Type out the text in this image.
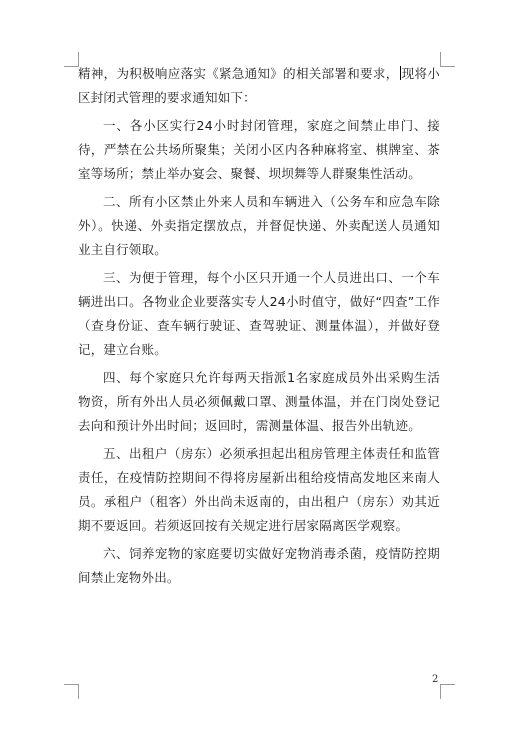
精神，为积极响应落实《紧急通知》的相关部署和要求， 现将小区封闭式管理的要求通知如下：

一、各小区实行24小时封闭管理，家庭之间禁止串门、接待，严禁在公共场所聚集；关闭小区内各种麻将室、棋牌室、茶室等场所；禁止举办宴会、聚餐、坝坝舞等人群聚集性活动。

二、所有小区禁止外来人员和车辆进入（公务车和应急车除外）。快递、外卖指定摆放点，并督促快递、外卖配送人员通知业主自行领取。

三、为便于管理，每个小区只开通一个人员进出口、一个车辆进出口。各物业企业要落实专人24小时值守，做好“四查”工作（查身份证、查车辆行驶证、查驾驶证、测量体温），并做好登记，建立台账。

四、每个家庭只允许每两天指派1名家庭成员外出采购生活物资，所有外出人员必须佩戴口罩、测量体温，并在门岗处登记去向和预计外出时间；返回时，需测量体温、报告外出轨迹。

五、出租户（房东）必须承担起出租房管理主体责任和监管责任，在疫情防控期间不得将房屋新出租给疫情高发地区来南人员。承租户（租客）外出尚未返南的，由出租户（房东）劝其近期不要返回。若须返回按有关规定进行居家隔离医学观察。

六、饲养宠物的家庭要切实做好宠物消毒杀菌，疫情防控期间禁止宠物外出。

2
